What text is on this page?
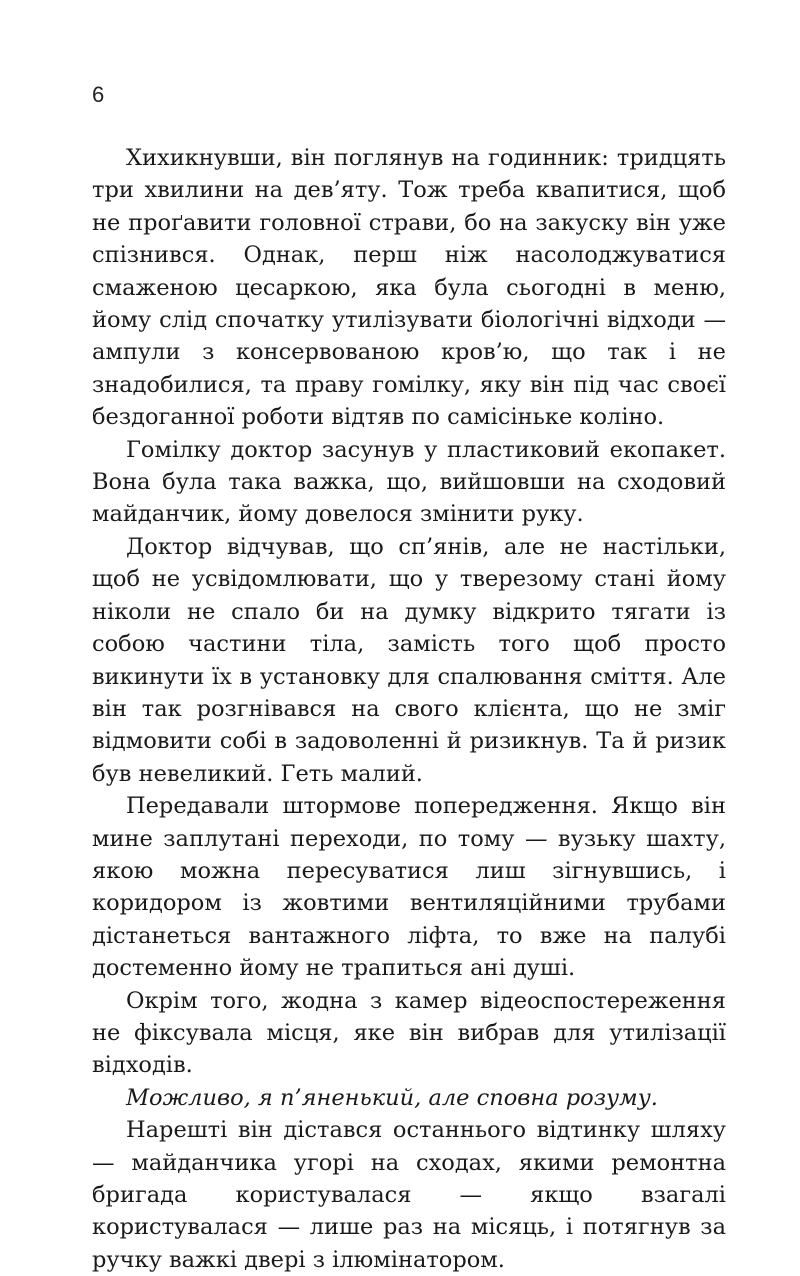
6

Хихикнувши, він поглянув на годинник: тридцять три хвилини на дев’яту. Тож треба квапитися, щоб не проґавити головної страви, бо на закуску він уже спізнився. Однак, перш ніж насолоджуватися смаженою цесаркою, яка була сьогодні в меню, йому слід спочатку утилізувати біологічні відходи — ампули з консервованою кров’ю, що так і не знадобилися, та праву гомілку, яку він під час своєї бездоганної роботи відтяв по самісіньке коліно.

Гомілку доктор засунув у пластиковий екопакет. Вона була така важка, що, вийшовши на сходовий майданчик, йому довелося змінити руку.

Доктор відчував, що сп’янів, але не настільки, щоб не усвідомлювати, що у тверезому стані йому ніколи не спало би на думку відкрито тягати із собою частини тіла, замість того щоб просто викинути їх в установку для спалювання сміття. Але він так розгнівався на свого клієнта, що не зміг відмовити собі в задоволенні й ризикнув. Та й ризик був невеликий. Геть малий.

Передавали штормове попередження. Якщо він мине заплутані переходи, по тому — вузьку шахту, якою можна пересуватися лиш зігнувшись, і коридором із жовтими вентиляційними трубами дістанеться вантажного ліфта, то вже на палубі достеменно йому не трапиться ані душі.

Окрім того, жодна з камер відеоспостереження не фіксувала місця, яке він вибрав для утилізації відходів.

Можливо, я п’яненький, але сповна розуму.

Нарешті він дістався останнього відтинку шляху — майданчика угорі на сходах, якими ремонтна бригада користувалася — якщо взагалі користувалася — лише раз на місяць, і потягнув за ручку важкі двері з ілюмінатором.
